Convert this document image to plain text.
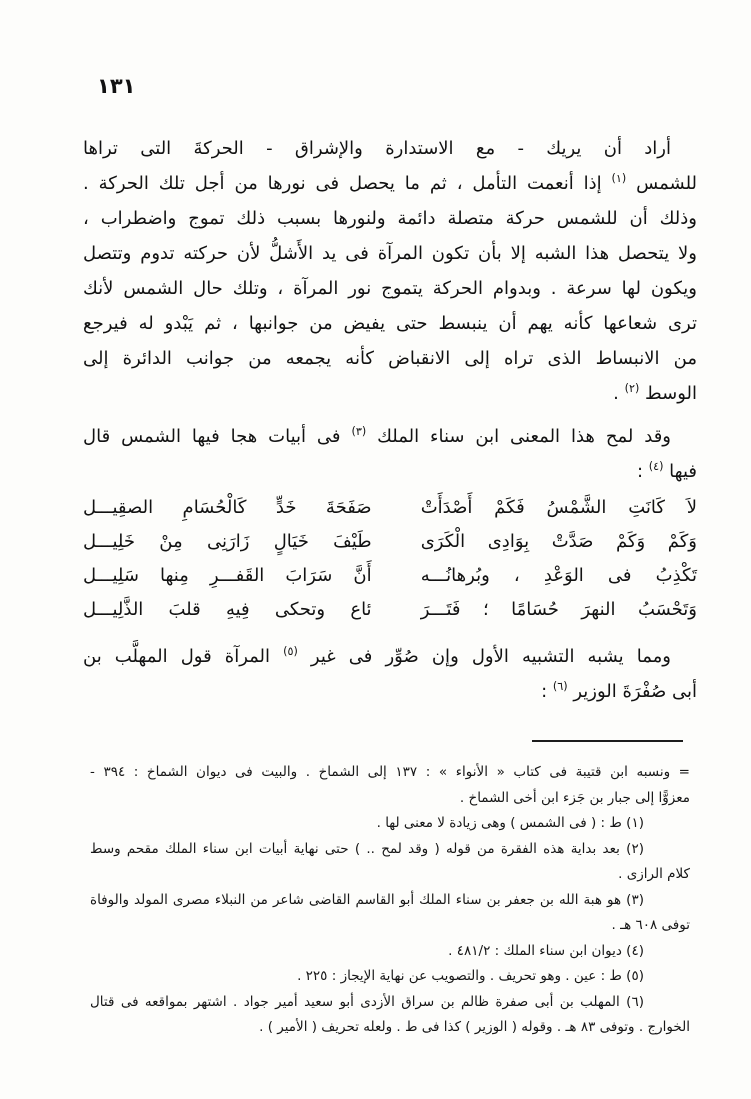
١٣١
أراد أن يريك - مع الاستدارة والإشراق - الحركةَ التى تراها
للشمس $^{(١)}$ إذا أنعمت التأمل ، ثم ما يحصل فى نورها من أجل تلك الحركة .
وذلك أن للشمس حركة متصلة دائمة ولنورها بسبب ذلك تموج واضطراب ،
ولا يتحصل هذا الشبه إلا بأن تكون المرآة فى يد الأَشلُّ لأن حركته تدوم وتتصل
ويكون لها سرعة . وبدوام الحركة يتموج نور المرآة ، وتلك حال الشمس لأنك
ترى شعاعها كأنه يهم أن ينبسط حتى يفيض من جوانبها ، ثم يَبْدو له فيرجع
من الانبساط الذى تراه إلى الانقباض كأنه يجمعه من جوانب الدائرة إلى
الوسط $^{(٢)}$ .
وقد لمح هذا المعنى ابن سناء الملك $^{(٣)}$ فى أبيات هجا فيها الشمس قال
فيها $^{(٤)}$ :
لاَ كَانَتِ الشَّمْسُ فَكَمْ أَصْدَأَتْ
صَفَحَةَ خَدٍّ كَالْحُسَامِ الصقِيـــل
وَكَمْ وَكَمْ صَدَّتْ بِوَادِى الْكَرَى
طَيْفَ خَيَالٍ زَارَنِى مِنْ خَلِيـــل
تَكْذِبُ فى الوَعْدِ ، وبُرهانُـــه
أَنَّ سَرَابَ القَفـــرِ مِنها سَلِيـــل
وَتَحْسَبُ النهرَ حُسَامًا ؛ فَتَـــرَ
ئاع وتحكى فِيهِ قلبَ الذَّلِيـــل
ومما يشبه التشبيه الأول وإن صُوِّر فى غير $^{(٥)}$ المرآة قول المهلَّب بن
أبى صُفْرَةَ الوزير $^{(٦)}$ :
= ونسبه ابن قتيبة فى كتاب « الأنواء » : ١٣٧ إلى الشماخ . والبيت فى ديوان الشماخ : ٣٩٤ -
معزوًّا إلى جبار بن جَزء ابن أخى الشماخ .
(١) ط : ( فى الشمس ) وهى زيادة لا معنى لها .
(٢) بعد بداية هذه الفقرة من قوله ( وقد لمح .. ) حتى نهاية أبيات ابن سناء الملك مقحم وسط
كلام الرازى .
(٣) هو هبة الله بن جعفر بن سناء الملك أبو القاسم القاضى شاعر من النبلاء مصرى المولد والوفاة
توفى ٦٠٨ هـ .
(٤) ديوان ابن سناء الملك : ٤٨١/٢ .
(٥) ط : عين . وهو تحريف . والتصويب عن نهاية الإيجاز : ٢٢٥ .
(٦) المهلب بن أبى صفرة ظالم بن سراق الأزدى أبو سعيد أمير جواد . اشتهر بمواقعه فى قتال
الخوارج . وتوفى ٨٣ هـ . وقوله ( الوزير ) كذا فى ط . ولعله تحريف ( الأمير ) .
